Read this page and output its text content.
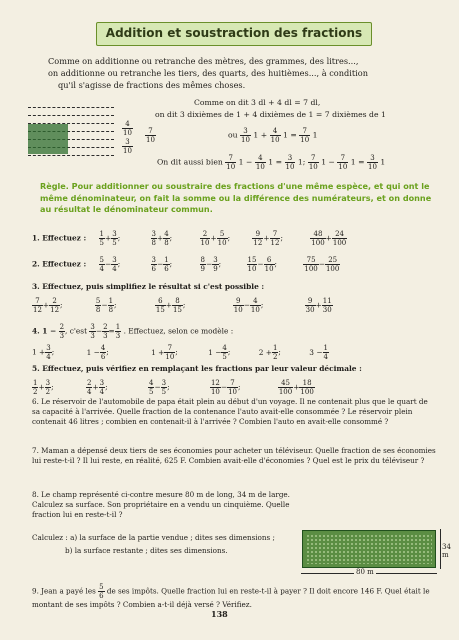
Addition et soustraction des fractions

Comme on additionne ou retranche des mètres, des grammes, des litres...,

on additionne ou retranche les tiers, des quarts, des huitièmes..., à condition

qu'il s'agisse de fractions des mêmes choses.

4
10
3
10
$\frac{7}{10}$
Comme on dit 3 dl + 4 dl = 7 dl,
on dit 3 dixièmes de 1 + 4 dixièmes de 1 = 7 dixièmes de 1
ou $\frac{3}{10} 1 + \frac{4}{10} 1 = \frac{7}{10} 1$
On dit aussi bien $\frac{7}{10} 1 - \frac{4}{10} 1 = \frac{3}{10} 1$; $\frac{7}{10} 1 - \frac{7}{10} 1 = \frac{3}{10} 1$
Règle. Pour additionner ou soustraire des fractions d'une même espèce, et qui ont le même dénominateur, on fait la somme ou la différence des numérateurs, et on donne au résultat le dénominateur commun.
1. Effectuez : $\frac{1}{5} + \frac{3}{5}$ ;	$\frac{3}{8} + \frac{4}{8}$ ;	$\frac{2}{10} + \frac{5}{10}$ ;	$\frac{9}{12} + \frac{7}{12}$ ;	$\frac{48}{100} + \frac{24}{100}$
2. Effectuez : $\frac{5}{4} - \frac{3}{4}$ ;	$\frac{3}{6} - \frac{1}{6}$ ;	$\frac{8}{9} - \frac{3}{9}$ ;	$\frac{15}{10} - \frac{6}{10}$ ;	$\frac{75}{100} - \frac{25}{100}$
3. Effectuez, puis simplifiez le résultat si c'est possible :
$\frac{7}{12} + \frac{2}{12}$ ;	$\frac{5}{8} - \frac{1}{8}$ ;	$\frac{6}{15} + \frac{8}{15}$ ;	$\frac{9}{10} - \frac{4}{10}$ ;	$\frac{9}{30} + \frac{11}{30}$
4. $1 - \frac{2}{3}$ , $c'est \frac{3}{3} - \frac{2}{3} = \frac{1}{3}$ . Effectuez, selon ce modèle :
$1 + \frac{3}{4}$ ;	$1 - \frac{4}{6}$ ;	$1 + \frac{7}{10}$ ;	$1 - \frac{4}{5}$ ;	$2 + \frac{1}{2}$ ;	$3 - \frac{1}{4}$
5. Effectuez, puis vérifiez en remplaçant les fractions par leur valeur décimale :
$\frac{1}{2} + \frac{3}{2}$ ;	$\frac{2}{4} + \frac{3}{4}$ ;	$\frac{4}{5} - \frac{3}{5}$ ;	$\frac{12}{10} - \frac{7}{10}$ ;	$\frac{45}{100} + \frac{18}{100}$
6. Le réservoir de l'automobile de papa était plein au début d'un voyage. Il ne contenait plus que le quart de sa capacité à l'arrivée. Quelle fraction de la contenance l'auto avait-elle consommée ? Le réservoir plein contenait 46 litres ; combien en contenait-il à l'arrivée ? Combien l'auto en avait-elle consommé ?
7. Maman a dépensé deux tiers de ses économies pour acheter un téléviseur. Quelle fraction de ses économies lui reste-t-il ? Il lui reste, en réalité, 625 F. Combien avait-elle d'économies ? Quel est le prix du téléviseur ?
8. Le champ représenté ci-contre mesure 80 m de long, 34 m de large. Calculez sa surface. Son propriétaire en a vendu un cinquième. Quelle fraction lui en reste-t-il ?
Calculez : a) la surface de la partie vendue ; dites ses dimensions ;
b) la surface restante ; dites ses dimensions.
80 m
34 m
9. Jean a payé les $\frac{5}{6}$ de ses impôts. Quelle fraction lui en reste-t-il à payer ? Il doit encore 146 F. Quel était le montant de ses impôts ? Combien a-t-il déjà versé ? Vérifiez.
138
